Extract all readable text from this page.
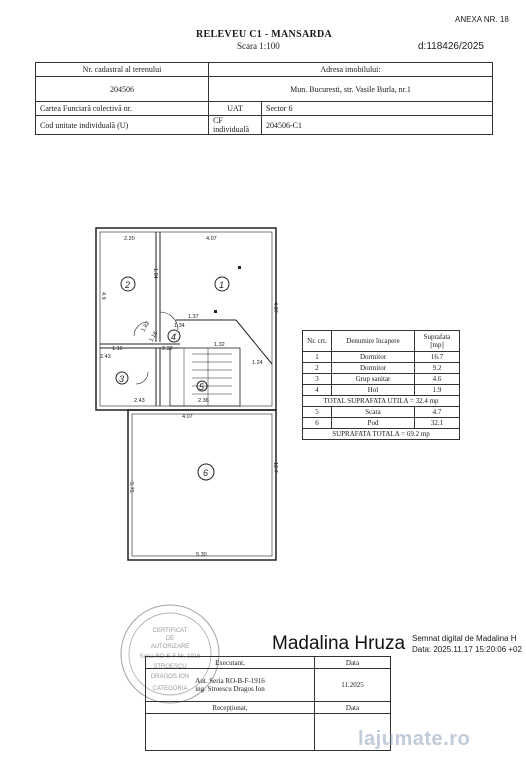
ANEXA NR. 18
RELEVEU C1 - MANSARDA
Scara 1:100	d:118426/2025
Nr. cadastral al terenului	Adresa imobilului:	
204506	Mun. Bucuresti, str. Vasile Burla, nr.1	
Cartea Funciară colectivă nr.	UAT	Sector 6
Cod unitate individuală (U)	CF individuală	204506-C1
1
2
3
4
5
6
2.20	4.07
1.37
1.34
1.32
2.32
1.16
2.43
1.24
2.43	2.36
4.07
5.30
1.82
1.18
4.87
4.9
1.84
12.7
5.75
Nr. crt.	Denumire încapere	Suprafata [mp]
1	Dormitor	16.7
2	Dormitor	9.2
3	Grup sanitar	4.6
4	Hol	1.9
TOTAL SUPRAFATA UTILA = 32.4 mp		
5	Scara	4.7
6	Pod	32.1
SUPRAFATA TOTALA = 69.2 mp		
CERTIFICAT
DE
AUTORIZARE
Seria RO-B-F Nr. 1916
STROESCU
DRAGOS ION
CATEGORIA
Madalina Hruza Semnat digital de Madalina H
Data: 2025.11.17 15:20:06 +02
Executant,	Data

Aut. Seria RO-B-F-1916
ing. Stroescu Dragos Ion	11.2025
Recepționat,	Data

lajumate.ro
